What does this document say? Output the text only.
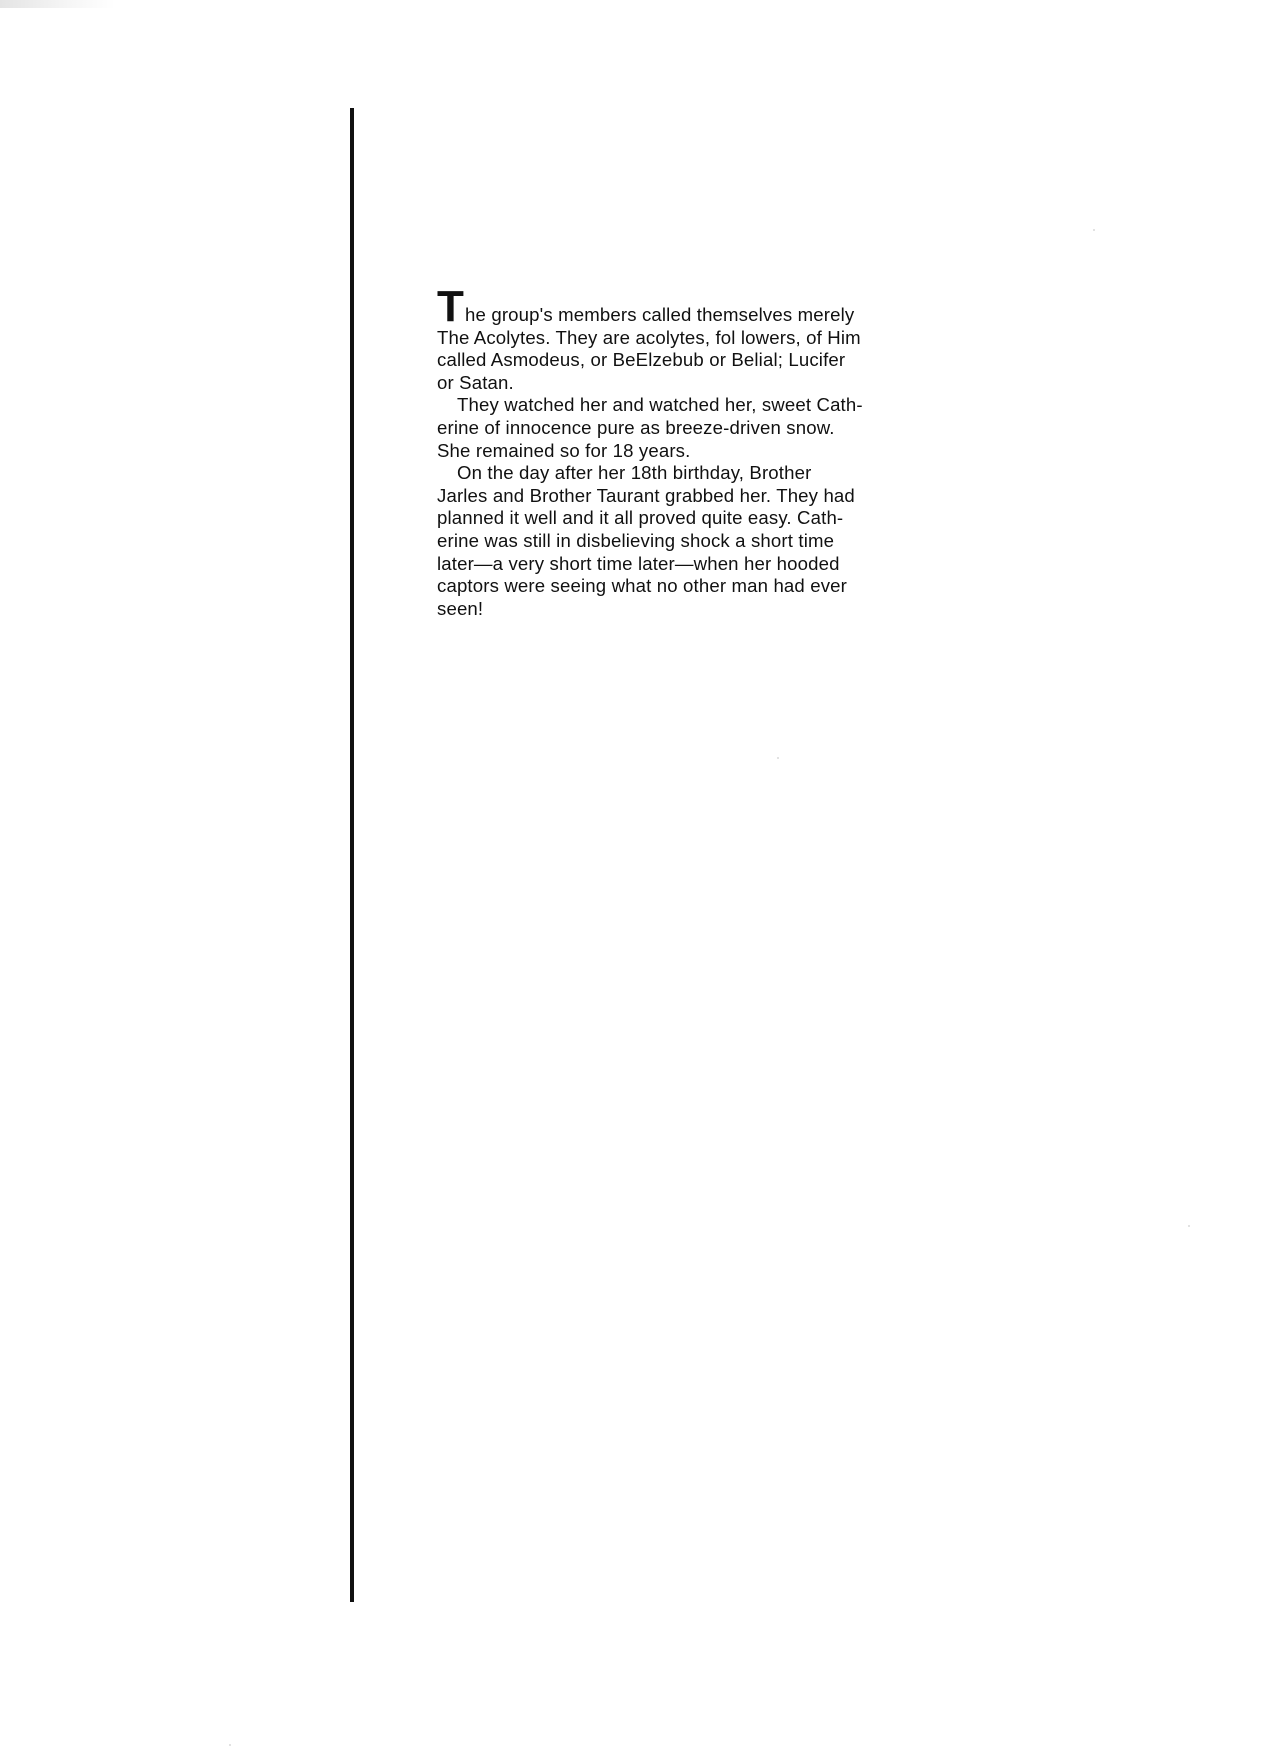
The group's members called themselves merely
The Acolytes. They are acolytes, fol lowers, of Him
called Asmodeus, or BeElzebub or Belial; Lucifer
or Satan.
They watched her and watched her, sweet Cath-
erine of innocence pure as breeze-driven snow.
She remained so for 18 years.
On the day after her 18th birthday, Brother
Jarles and Brother Taurant grabbed her. They had
planned it well and it all proved quite easy. Cath-
erine was still in disbelieving shock a short time
later—a very short time later—when her hooded
captors were seeing what no other man had ever
seen!
